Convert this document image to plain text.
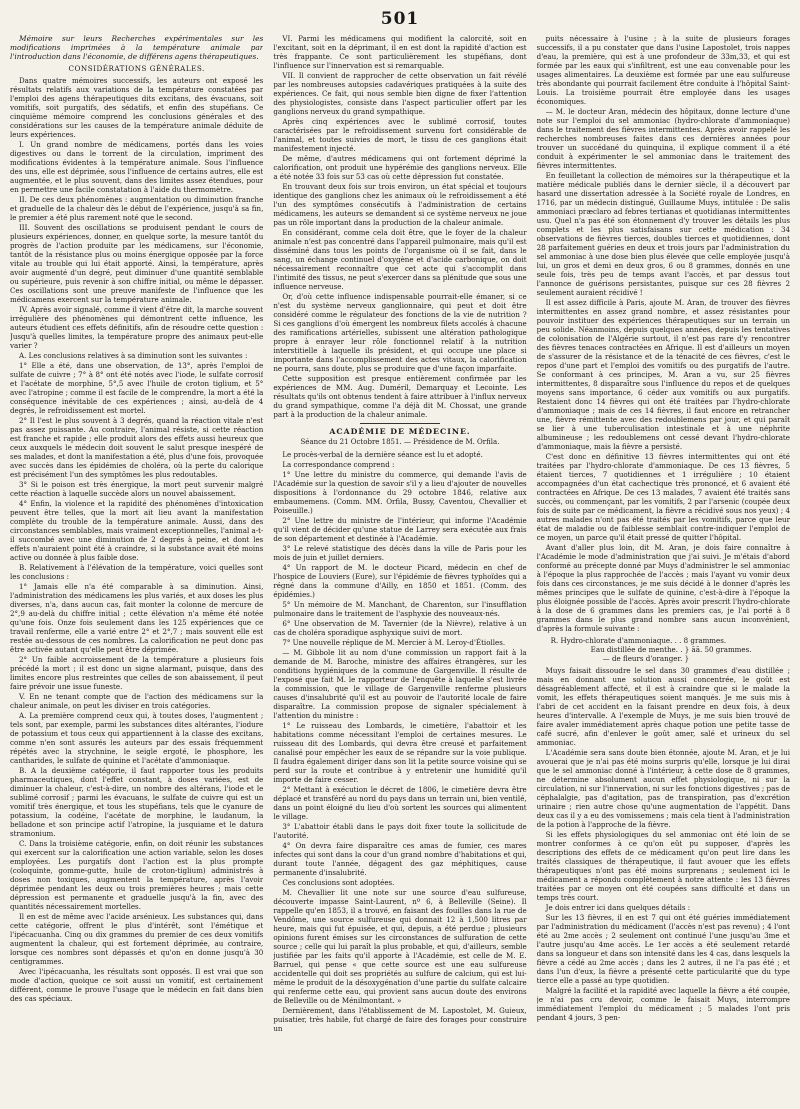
501

Mémoire sur leurs Recherches expérimentales sur les modifications imprimées à la température animale par l'introduction dans l'économie, de différens agens thérapeutiques.

CONSIDÉRATIONS GÉNÉRALES.

Dans quatre mémoires successifs, les auteurs ont exposé les résultats relatifs aux variations de la température constatées par l'emploi des agens thérapeutiques dits excitans, des évacuans, soit vomitifs, soit purgatifs, des sédatifs, et enfin des stupéfians. Ce cinquième mémoire comprend les conclusions générales et des considérations sur les causes de la température animale déduite de leurs expériences.

I. Un grand nombre de médicamens, portés dans les voies digestives ou dans le torrent de la circulation, impriment des modifications évidentes à la température animale. Sous l'influence des uns, elle est déprimée, sous l'influence de certains autres, elle est augmentée, et le plus souvent, dans des limites assez étendues, pour en permettre une facile constatation à l'aide du thermomètre.

II. De ces deux phénomènes : augmentation ou diminution franche et graduelle de la chaleur dès le début de l'expérience, jusqu'à sa fin, le premier a été plus rarement noté que le second.

III. Souvent des oscillations se produisent pendant le cours de plusieurs expériences, donner, en quelque sorte, la mesure tantôt du progrès de l'action produite par les médicamens, sur l'économie, tantôt de la résistance plus ou moins énergique opposée par la force vitale au trouble qui lui était apporté. Ainsi, la température, après avoir augmenté d'un degré, peut diminuer d'une quantité semblable ou supérieure, puis revenir à son chiffre initial, ou même le dépasser. Ces oscillations sont une preuve manifeste de l'influence que les médicamens exercent sur la température animale.

IV. Après avoir signalé, comme il vient d'être dit, la marche souvent irrégulière des phénomènes qui démontrent cette influence, les auteurs étudient ces effets définitifs, afin de résoudre cette question : Jusqu'à quelles limites, la température propre des animaux peut-elle varier ?

A. Les conclusions relatives à sa diminution sont les suivantes :

1° Elle a été, dans une observation, de 13°, après l'emploi de sulfate de cuivre ; 7° à 8° ont été notés avec l'iode, le sulfate corrosif et l'acétate de morphine, 5°,5 avec l'huile de croton tiglium, et 5° avec l'atropine ; comme il est facile de le comprendre, la mort a été la conséquence inévitable de ces expériences ; ainsi, au-delà de 4 degrés, le refroidissement est mortel.

2° Il l'est le plus souvent à 3 degrés, quand la réaction vitale n'est pas assez puissante. Au contraire, l'animal résiste, si cette réaction est franche et rapide ; elle produit alors des effets aussi heureux que ceux auxquels le médecin doit souvent le salut presque inespéré de ses malades, et dont la manifestation a été, plus d'une fois, provoquée avec succès dans les épidémies de choléra, où la perte du calorique est précisément l'un des symptômes les plus redoutables.

3° Si le poison est très énergique, la mort peut survenir malgré cette réaction à laquelle succède alors un nouvel abaissement.

4° Enfin, la violence et la rapidité des phénomènes d'intoxication peuvent être telles, que la mort ait lieu avant la manifestation complète du trouble de la température animale. Aussi, dans des circonstances semblables, mais vraiment exceptionnelles, l'animal a-t-il succombé avec une diminution de 2 degrés à peine, et dont les effets n'auraient point été à craindre, si la substance avait été moins active ou donnée à plus faible dose.

B. Relativement à l'élévation de la température, voici quelles sont les conclusions :

1° Jamais elle n'a été comparable à sa diminution. Ainsi, l'administration des médicamens les plus variés, et aux doses les plus diverses, n'a, dans aucun cas, fait monter la colonne de mercure de 2°,9 au-delà du chiffre initial ; cette élévation n'a même été notée qu'une fois. Onze fois seulement dans les 125 expériences que ce travail renferme, elle a varié entre 2° et 2°,7 ; mais souvent elle est restée au-dessous de ces nombres. La calorification ne peut donc pas être activée autant qu'elle peut être déprimée.

2° Un faible accroissement de la température a plusieurs fois précédé la mort ; il est donc un signe alarmant, puisque, dans des limites encore plus restreintes que celles de son abaissement, il peut faire prévoir une issue funeste.

V. En ne tenant compte que de l'action des médicamens sur la chaleur animale, on peut les diviser en trois catégories.

A. La première comprend ceux qui, à toutes doses, l'augmentent ; tels sont, par exemple, parmi les substances dites altérantes, l'iodure de potassium et tous ceux qui appartiennent à la classe des excitans, comme n'en sont assurés les auteurs par des essais fréquemment répétés avec la strychnine, le seigle ergoté, le phosphore, les cantharides, le sulfate de quinine et l'acétate d'ammoniaque.

B. A la deuxième catégorie, il faut rapporter tous les produits pharmaceutiques, dont l'effet constant, à doses variées, est de diminuer la chaleur, c'est-à-dire, un nombre des altérans, l'iode et le sublimé corrosif ; parmi les évacuans, le sulfate de cuivre qui est un vomitif très énergique, et tous les stupéfians, tels que le cyanure de potassium, la codéine, l'acétate de morphine, le laudanum, la belladone et son principe actif l'atropine, la jusquiame et le datura stramonium.

C. Dans la troisième catégorie, enfin, on doit réunir les substances qui exercent sur la calorification une action variable, selon les doses employées. Les purgatifs dont l'action est la plus prompte (coloquinte, gomme-gutte, huile de croton-tiglium) administrés à doses non toxiques, augmentent la température, après l'avoir déprimée pendant les deux ou trois premières heures ; mais cette dépression est permanente et graduelle jusqu'à la fin, avec des quantités nécessairement mortelles.

Il en est de même avec l'acide arsénieux. Les substances qui, dans cette catégorie, offrent le plus d'intérêt, sont l'émétique et l'ipécacuanha. Cinq ou dix grammes du premier de ces deux vomitifs augmentent la chaleur, qui est fortement déprimée, au contraire, lorsque ces nombres sont dépassés et qu'on en donne jusqu'à 30 centigrammes.

Avec l'ipécacuanha, les résultats sont opposés. Il est vrai que son mode d'action, quoique ce soit aussi un vomitif, est certainement différent, comme le prouve l'usage que le médecin en fait dans bien des cas spéciaux.

VI. Parmi les médicamens qui modifient la calorcité, soit en l'excitant, soit en la déprimant, il en est dont la rapidité d'action est très frappante. Ce sont particulièrement les stupéfians, dont l'influence sur l'innervation est si remarquable.

VII. Il convient de rapprocher de cette observation un fait révélé par les nombreuses autopsies cadavériques pratiquées à la suite des expériences. Ce fait, qui nous semble bien digne de fixer l'attention des physiologistes, consiste dans l'aspect particulier offert par les ganglions nerveux du grand sympathique.

Après cinq expériences avec le sublimé corrosif, toutes caractérisées par le refroidissement survenu fort considérable de l'animal, et toutes suivies de mort, le tissu de ces ganglions était manifestement injecté.

De même, d'autres médicamens qui ont fortement déprimé la calorification, ont produit une hypérémie des ganglions nerveux. Elle a été notée 33 fois sur 53 cas où cette dépression fut constatée.

En trouvant deux fois sur trois environ, un état spécial et toujours identique des ganglions chez les animaux où le refroidissement a été l'un des symptômes consécutifs à l'administration de certains médicamens, les auteurs se demandent si ce système nerveux ne joue pas un rôle important dans la production de la chaleur animale.

En considérant, comme cela doit être, que le foyer de la chaleur animale n'est pas concentré dans l'appareil pulmonaire, mais qu'il est disséminé dans tous les points de l'organisme où il se fait, dans le sang, un échange continuel d'oxygène et d'acide carbonique, on doit nécessairement reconnaître que cet acte qui s'accomplit dans l'intimité des tissus, ne peut s'exercer dans sa plénitude que sous une influence nerveuse.

Or, d'où cette influence indispensable pourrait-elle émaner, si ce n'est du système nerveux ganglionnaire, qui peut et doit être considéré comme le régulateur des fonctions de la vie de nutrition ? Si ces ganglions d'où émergent les nombreux filets accolés à chacune des ramifications artérielles, subissent une altération pathologique propre à enrayer leur rôle fonctionnel relatif à la nutrition interstitielle à laquelle ils président, et qui occupe une place si importante dans l'accomplissement des actes vitaux, la calorification ne pourra, sans doute, plus se produire que d'une façon imparfaite.

Cette supposition est presque entièrement confirmée par les expériences de MM. Aug. Duméril, Demarquay et Lecointe. Les résultats qu'ils ont obtenus tendent à faire attribuer à l'influx nerveux du grand sympathique, comme l'a déjà dit M. Chossat, une grande part à la production de la chaleur animale.

ACADÉMIE DE MÉDECINE.
Séance du 21 Octobre 1851. — Présidence de M. Orfila.

Le procès-verbal de la dernière séance est lu et adopté.

La correspondance comprend :

1° Une lettre du ministre du commerce, qui demande l'avis de l'Académie sur la question de savoir s'il y a lieu d'ajouter de nouvelles dispositions à l'ordonnance du 29 octobre 1846, relative aux embaumemens. (Comm. MM. Orfila, Bussy, Caventou, Chevallier et Poiseuille.)

2° Une lettre du ministre de l'intérieur, qui informe l'Académie qu'il vient de décider qu'une statue de Larrey sera exécutée aux frais de son département et destinée à l'Académie.

3° Le relevé statistique des décès dans la ville de Paris pour les mois de juin et juillet derniers.

4° Un rapport de M. le docteur Picard, médecin en chef de l'hospice de Louviers (Eure), sur l'épidémie de fièvres typhoïdes qui a régné dans la commune d'Ailly, en 1850 et 1851. (Comm. des épidémies.)

5° Un mémoire de M. Manchant, de Charenton, sur l'insufflation pulmonaire dans le traitement de l'asphyxie des nouveaux-nés.

6° Une observation de M. Tavernier (de la Nièvre), relative à un cas de choléra sporadique asphyxique suivi de mort.

7° Une nouvelle réplique de M. Mercier à M. Leroy-d'Étiolles.

— M. Gibbole lit au nom d'une commission un rapport fait à la demande de M. Baroche, ministre des affaires étrangères, sur les conditions hygiéniques de la commune de Gargenville. Il résulte de l'exposé que fait M. le rapporteur de l'enquête à laquelle s'est livrée la commission, que le village de Gargenville renferme plusieurs causes d'insalubrité qu'il est au pouvoir de l'autorité locale de faire disparaître. La commission propose de signaler spécialement à l'attention du ministre :

1° Le ruisseau des Lombards, le cimetière, l'abattoir et les habitations comme nécessitant l'emploi de certaines mesures. Le ruisseau dit des Lombards, qui devra être creusé et parfaitement canalisé pour empêcher les eaux de se répandre sur la voie publique. Il faudra également diriger dans son lit la petite source voisine qui se perd sur la route et contribue à y entretenir une humidité qu'il importe de faire cesser.

2° Mettant à exécution le décret de 1806, le cimetière devra être déplacé et transféré au nord du pays dans un terrain uni, bien ventilé, dans un point éloigné du lieu d'où sortent les sources qui alimentent le village.

3° L'abattoir établi dans le pays doit fixer toute la sollicitude de l'autorité.

4° On devra faire disparaître ces amas de fumier, ces mares infectes qui sont dans la cour d'un grand nombre d'habitations et qui, durant toute l'année, dégagent des gaz méphitiques, cause permanente d'insalubrité.

Ces conclusions sont adoptées.

M. Chevallier lit une note sur une source d'eau sulfureuse, découverte impasse Saint-Laurent, nº 6, à Belleville (Seine). Il rappelle qu'en 1853, il a trouvé, en faisant des fouilles dans la rue de Vendôme, une source sulfureuse qui donnait 12 à 1,500 litres par heure, mais qui fut épuisée, et qui, depuis, a été perdue ; plusieurs opinions furent émises sur les circonstances de sulfuration de cette source ; celle qui lui paraît la plus probable, et qui, d'ailleurs, semble justifiée par les faits qu'il apporte à l'Académie, est celle de M. E. Barruel, qui pense « que cette source est une eau sulfureuse accidentelle qui doit ses propriétés au sulfure de calcium, qui est lui-même le produit de la désoxygénation d'une partie du sulfate calcaire qui renferme cette eau, qui provient sans aucun doute des environs de Belleville ou de Ménilmontant. »

Dernièrement, dans l'établissement de M. Lapostolet, M. Guieux, puisatier, très habile, fut chargé de faire des forages pour construire un

puits nécessaire à l'usine ; à la suite de plusieurs forages successifs, il a pu constater que dans l'usine Lapostolet, trois nappes d'eau, la première, qui est à une profondeur de 33m,33, et qui est formée par les eaux qui s'infiltrent, est une eau convenable pour les usages alimentaires. La deuxième est formée par une eau sulfureuse très abondante qui pourrait facilement être conduite à l'hôpital Saint-Louis. La troisième pourrait être employée dans les usages économiques.

— M. le docteur Aran, médecin des hôpitaux, donne lecture d'une note sur l'emploi du sel ammoniac (hydro-chlorate d'ammoniaque) dans le traitement des fièvres intermittentes. Après avoir rappelé les recherches nombreuses faites dans ces dernières années pour trouver un succédané du quinquina, il explique comment il a été conduit à expérimenter le sel ammoniac dans le traitement des fièvres intermittentes.

En feuilletant la collection de mémoires sur la thérapeutique et la matière médicale publiés dans le dernier siècle, il a découvert par hasard une dissertation adressée à la Société royale de Londres, en 1716, par un médecin distingué, Guillaume Muys, intitulée : De salis ammoniaci præclaro ad febres tertianas et quotidianas intermittentes usu. Quel n'a pas été son étonnement d'y trouver les détails les plus complets et les plus satisfaisans sur cette médication : 34 observations de fièvres tierces, doubles tierces et quotidiennes, dont 28 parfaitement guéries en deux et trois jours par l'administration du sel ammoniac à une dose bien plus élevée que celle employée jusqu'à lui, un gros et demi en deux gros, 6 ou 8 grammes, donnés en une seule fois, très peu de temps avant l'accès, et par dessus tout l'annonce de guérisons persistantes, puisque sur ces 28 fièvres 2 seulement auraient récidivé !

Il est assez difficile à Paris, ajoute M. Aran, de trouver des fièvres intermittentes en assez grand nombre, et assez résistantes pour pouvoir instituer des expériences thérapeutiques sur un terrain un peu solide. Néanmoins, depuis quelques années, depuis les tentatives de colonisation de l'Algérie surtout, il n'est pas rare d'y rencontrer des fièvres tenaces contractées en Afrique. Il est d'ailleurs un moyen de s'assurer de la résistance et de la ténacité de ces fièvres, c'est le repos d'une part et l'emploi des vomitifs ou des purgatifs de l'autre. Se conformant à ces principes, M. Aran a vu, sur 25 fièvres intermittentes, 8 disparaître sous l'influence du repos et de quelques moyens sans importance, 6 céder aux vomitifs ou aux purgatifs. Restaient donc 14 fièvres qui ont été traitées par l'hydro-chlorate d'ammoniaque ; mais de ces 14 fièvres, il faut encore en retrancher une, fièvre rémittente avec des redoublemens par jour, et qui paraît se lier à une tuberculisation intestinale et à une néphrite albumineuse ; les redoublemens ont cessé devant l'hydro-chlorate d'ammoniaque, mais la fièvre a persisté.

C'est donc en définitive 13 fièvres intermittentes qui ont été traitées par l'hydro-chlorate d'ammoniaque. De ces 13 fièvres, 5 étaient tierces, 7 quotidiennes et 1 irrégulière ; 10 étaient accompagnées d'un état cachectique très prononcé, et 6 avaient été contractées en Afrique. De ces 13 malades, 7 avaient été traités sans succès, ou commençant, par les vomitifs, 2 par l'arsenic (coupée deux fois de suite par ce médicament, la fièvre a récidivé sous nos yeux) ; 4 autres malades n'ont pas été traités par les vomitifs, parce que leur état de maladie ou de faiblesse semblait contre-indiquer l'emploi de ce moyen, un parce qu'il était pressé de quitter l'hôpital.

Avant d'aller plus loin, dit M. Aran, je dois faire connaître à l'Académie le mode d'administration que j'ai suivi. Je m'étais d'abord conformé au précepte donné par Muys d'administrer le sel ammoniac à l'époque la plus rapprochée de l'accès ; mais l'ayant vu vomir deux fois dans ces circonstances, je me suis décidé à le donner d'après les mêmes principes que le sulfate de quinine, c'est-à-dire à l'époque la plus éloignée possible de l'accès. Après avoir prescrit l'hydro-chlorate à la dose de 6 grammes dans les premiers cas, je l'ai porté à 8 grammes dans le plus grand nombre sans aucun inconvénient, d'après la formule suivante :

R. Hydro-chlorate d'ammoniaque. . . 8 grammes.
Eau distillée de menthe. . } āā. 50 grammes.
— de fleurs d'oranger. }

Muys faisait dissoudre le sel dans 30 grammes d'eau distillée ; mais en donnant une solution aussi concentrée, le goût est désagréablement affecté, et il est à craindre que si le malade la vomit, les effets thérapeutiques soient manqués. Je me suis mis à l'abri de cet accident en la faisant prendre en deux fois, à deux heures d'intervalle. A l'exemple de Muys, je me suis bien trouvé de faire avaler immédiatement après chaque potion une petite tasse de café sucré, afin d'enlever le goût amer, salé et urineux du sel ammoniac.

L'Académie sera sans doute bien étonnée, ajoute M. Aran, et je lui avouerai que je n'ai pas été moins surpris qu'elle, lorsque je lui dirai que le sel ammoniac donné à l'intérieur, à cette dose de 8 grammes, ne détermine absolument aucun effet physiologique, ni sur la circulation, ni sur l'innervation, ni sur les fonctions digestives ; pas de céphalalgie, pas d'agitation, pas de transpiration, pas d'excrétion urinaire ; rien autre chose qu'une augmentation de l'appétit. Dans deux cas il y a eu des vomissemens ; mais cela tient à l'administration de la potion à l'approche de la fièvre.

Si les effets physiologiques du sel ammoniac ont été loin de se montrer conformes à ce qu'on eût pu supposer, d'après les descriptions des effets de ce médicament qu'on peut lire dans les traités classiques de thérapeutique, il faut avouer que les effets thérapeutiques n'ont pas été moins surprenans ; seulement ici le médicament a répondu complètement à notre attente : les 13 fièvres traitées par ce moyen ont été coupées sans difficulté et dans un temps très court.

Je dois entrer ici dans quelques détails :

Sur les 13 fièvres, il en est 7 qui ont été guéries immédiatement par l'administration du médicament (l'accès n'est pas revenu) ; 4 l'ont été au 2me accès ; 2 seulement ont continué l'une jusqu'au 3me et l'autre jusqu'au 4me accès. Le 1er accès a été seulement retardé dans sa longueur et dans son intensité dans les 4 cas, dans lesquels la fièvre a cédé au 2me accès ; dans les 2 autres, il ne l'a pas été ; et dans l'un d'eux, la fièvre a présenté cette particularité que du type tierce elle a passé au type quotidien.

Malgré la facilité et la rapidité avec laquelle la fièvre a été coupée, je n'ai pas cru devoir, comme le faisait Muys, interrompre immédiatement l'emploi du médicament ; 5 malades l'ont pris pendant 4 jours, 3 pen-
